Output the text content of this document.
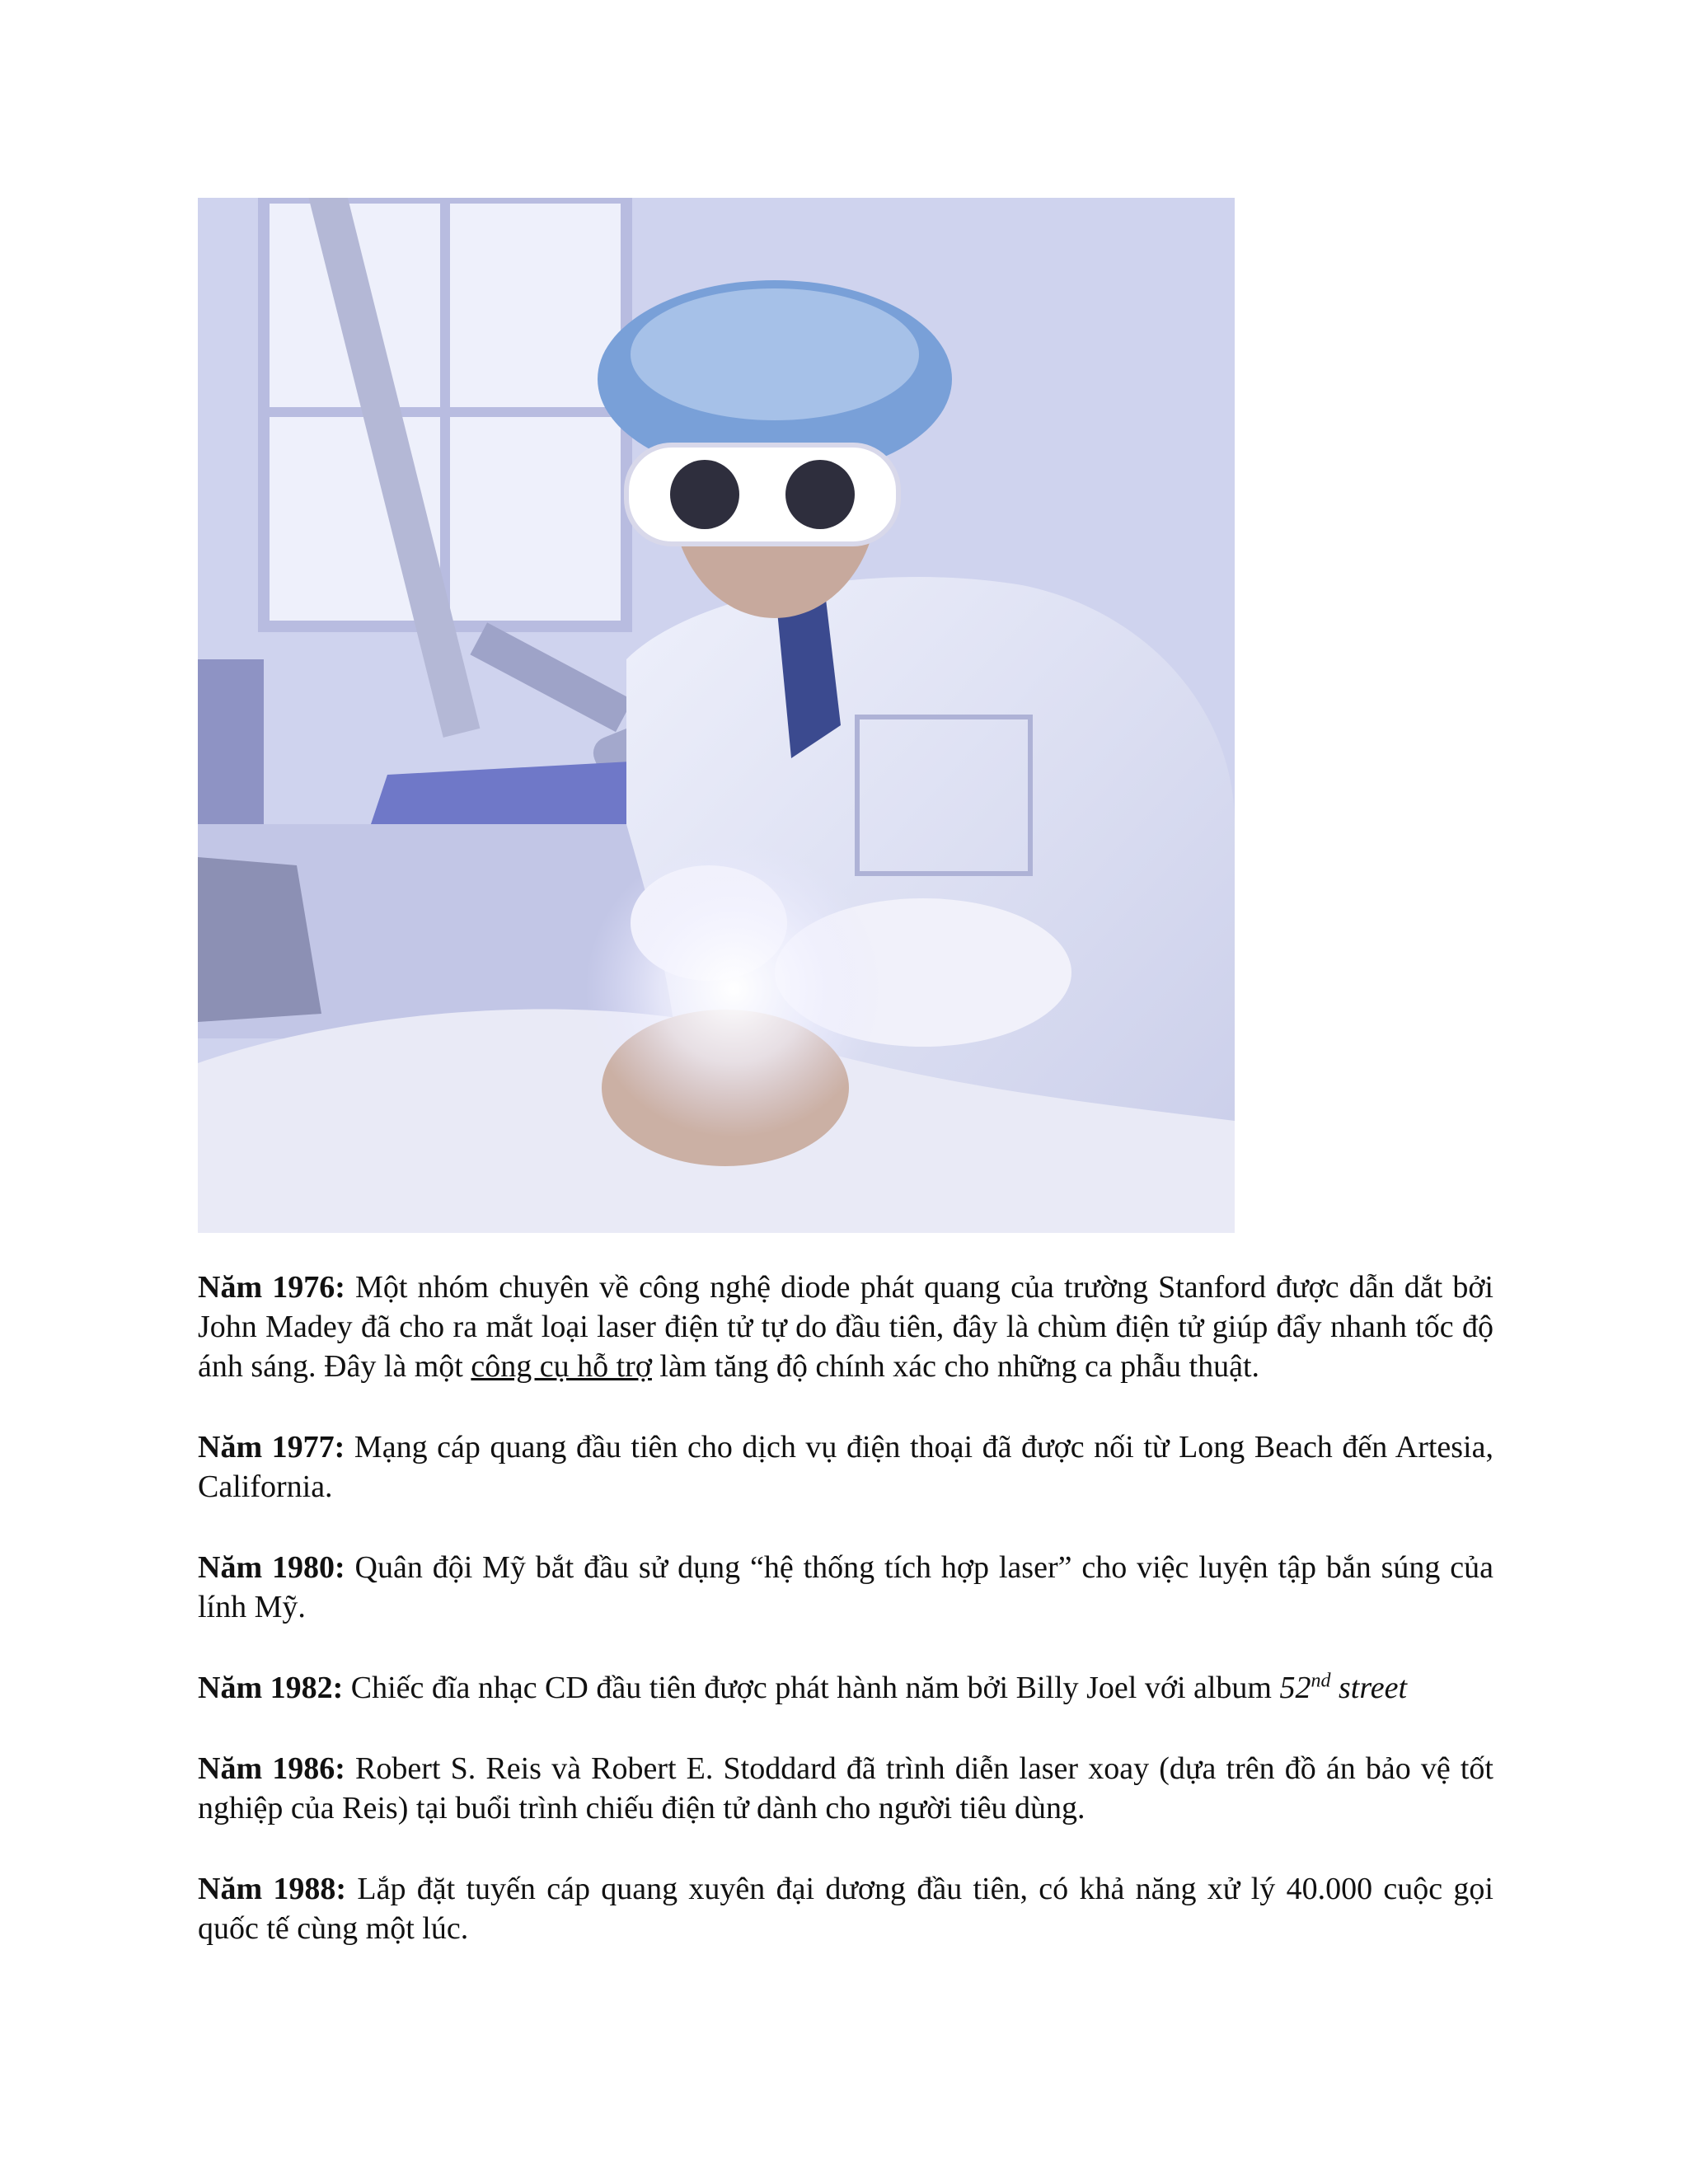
Năm 1976: Một nhóm chuyên về công nghệ diode phát quang của trường Stanford được dẫn dắt bởi John Madey đã cho ra mắt loại laser điện tử tự do đầu tiên, đây là chùm điện tử giúp đẩy nhanh tốc độ ánh sáng. Đây là một công cụ hỗ trợ làm tăng độ chính xác cho những ca phẫu thuật.

Năm 1977: Mạng cáp quang đầu tiên cho dịch vụ điện thoại đã được nối từ Long Beach đến Artesia, California.

Năm 1980: Quân đội Mỹ bắt đầu sử dụng “hệ thống tích hợp laser” cho việc luyện tập bắn súng của lính Mỹ.

Năm 1982: Chiếc đĩa nhạc CD đầu tiên được phát hành năm bởi Billy Joel với album 52nd street

Năm 1986: Robert S. Reis và Robert E. Stoddard đã trình diễn laser xoay (dựa trên đồ án bảo vệ tốt nghiệp của Reis) tại buổi trình chiếu điện tử dành cho người tiêu dùng.

Năm 1988: Lắp đặt tuyến cáp quang xuyên đại dương đầu tiên, có khả năng xử lý 40.000 cuộc gọi quốc tế cùng một lúc.
